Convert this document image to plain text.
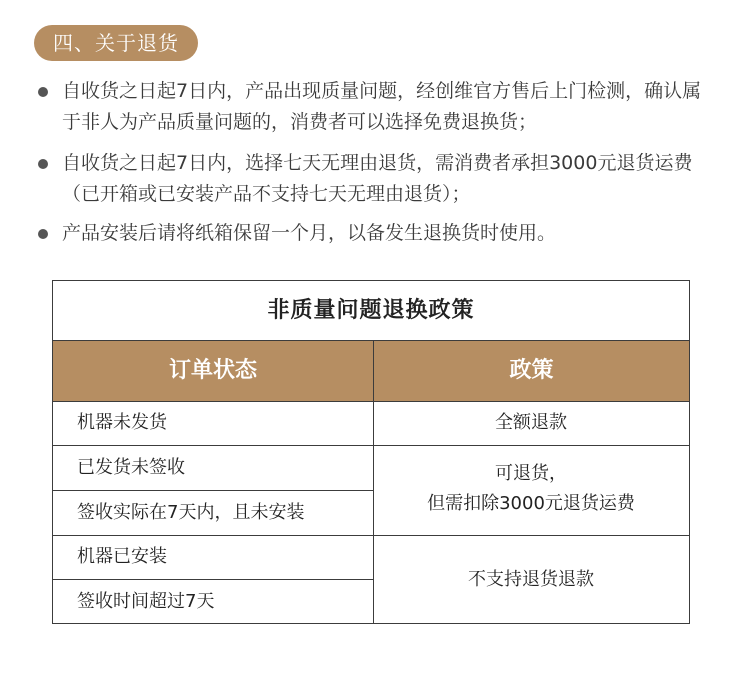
四、关于退货
自收货之日起7日内，产品出现质量问题，经创维官方售后上门检测，确认属于非人为产品质量问题的，消费者可以选择免费退换货；
自收货之日起7日内，选择七天无理由退货，需消费者承担3000元退货运费（已开箱或已安装产品不支持七天无理由退货）；
产品安装后请将纸箱保留一个月，以备发生退换货时使用。
非质量问题退换政策
订单状态	政策
机器未发货
已发货未签收
签收实际在7天内，且未安装
机器已安装
签收时间超过7天
全额退款
可退货，
但需扣除3000元退货运费
不支持退货退款
